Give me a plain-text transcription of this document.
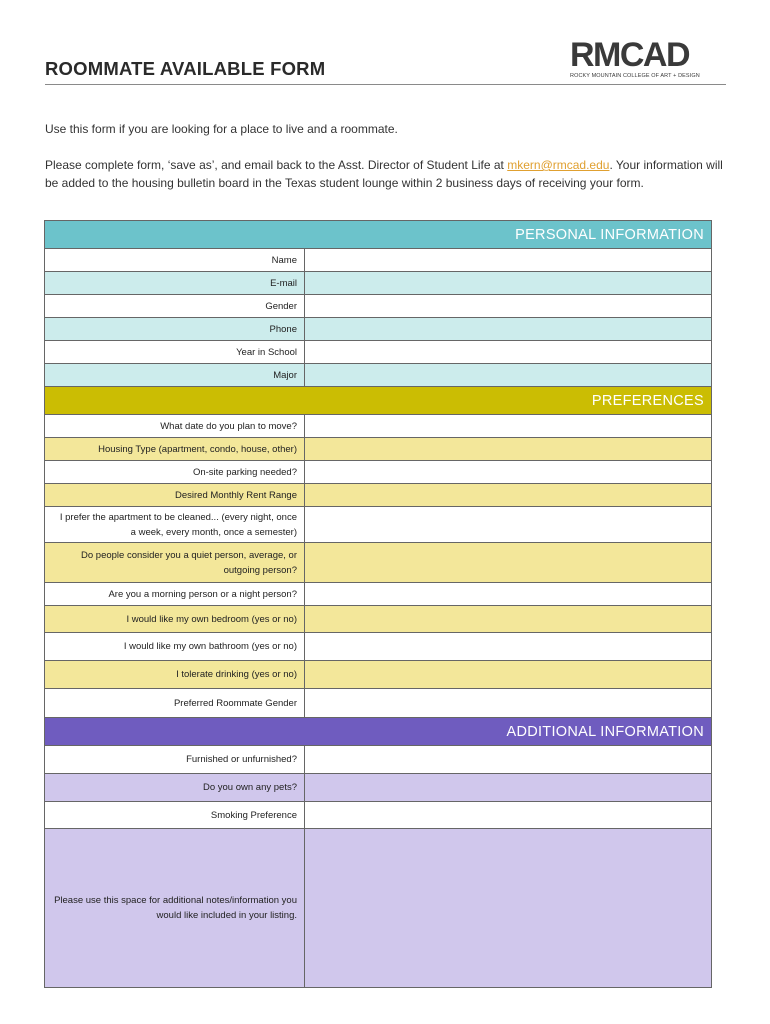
ROOMMATE AVAILABLE FORM	RMCAD
ROCKY MOUNTAIN COLLEGE OF ART + DESIGN
Use this form if you are looking for a place to live and a roommate.
Please complete form, ‘save as’, and email back to the Asst. Director of Student Life at mkern@rmcad.edu. Your information will be added to the housing bulletin board in the Texas student lounge within 2 business days of receiving your form.
PERSONAL INFORMATION
Name
E-mail
Gender
Phone
Year in School
Major
PREFERENCES
What date do you plan to move?
Housing Type (apartment, condo, house, other)
On-site parking needed?
Desired Monthly Rent Range
I prefer the apartment to be cleaned... (every night, once a week, every month, once a semester)
Do people consider you a quiet person, average, or outgoing person?
Are you a morning person or a night person?
I would like my own bedroom (yes or no)
I would like my own bathroom (yes or no)
I tolerate drinking (yes or no)
Preferred Roommate Gender
ADDITIONAL INFORMATION
Furnished or unfurnished?
Do you own any pets?
Smoking Preference
Please use this space for additional notes/information you would like included in your listing.
